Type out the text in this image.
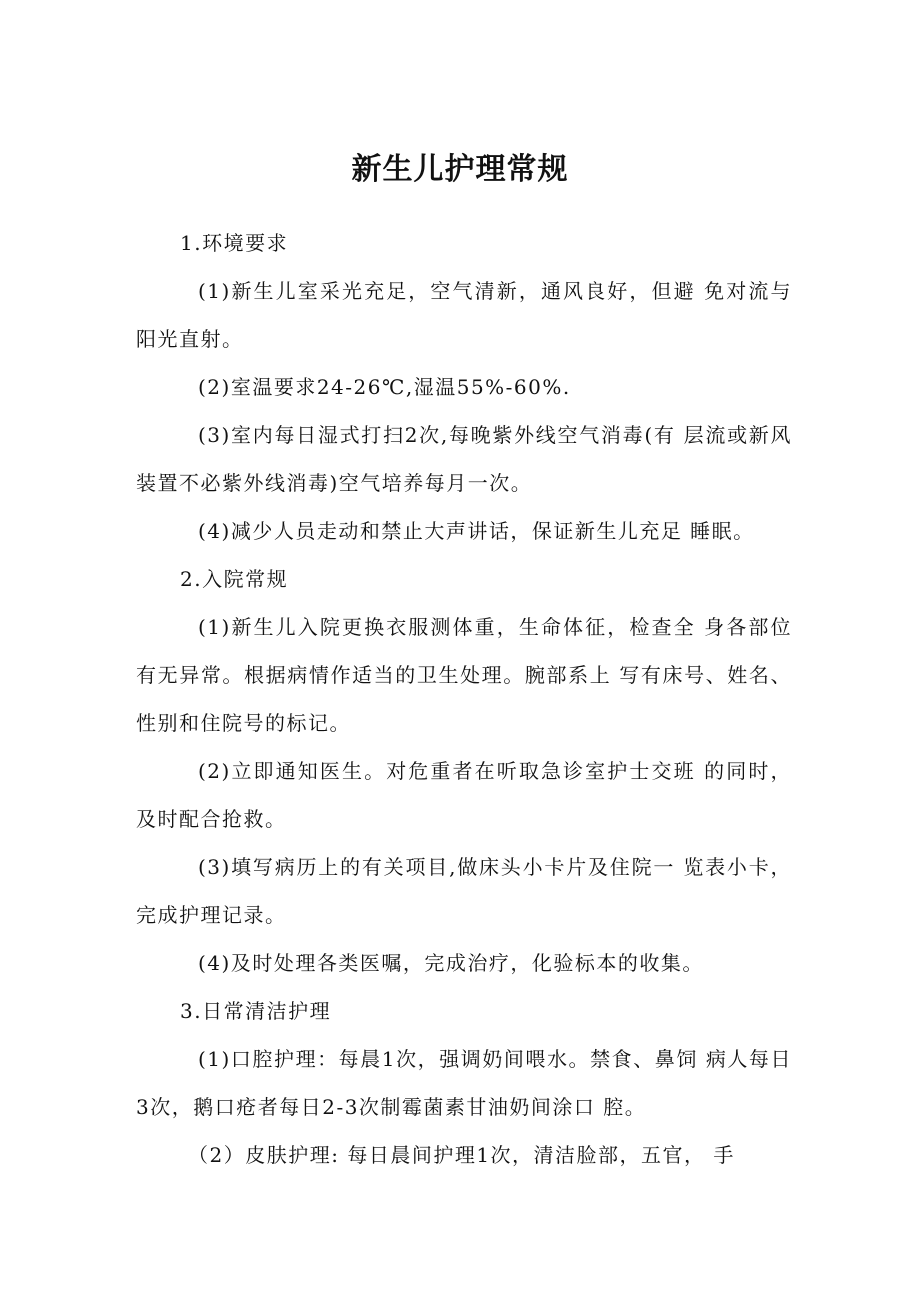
新生儿护理常规

1.环境要求

(1)新生儿室采光充足，空气清新，通风良好，但避 免对流与阳光直射。

(2)室温要求24-26℃,湿温55%-60%.

(3)室内每日湿式打扫2次,每晚紫外线空气消毒(有 层流或新风装置不必紫外线消毒)空气培养每月一次。

(4)减少人员走动和禁止大声讲话，保证新生儿充足 睡眠。

2.入院常规

(1)新生儿入院更换衣服测体重，生命体征，检查全 身各部位有无异常。根据病情作适当的卫生处理。腕部系上 写有床号、姓名、性别和住院号的标记。

(2)立即通知医生。对危重者在听取急诊室护士交班 的同时，及时配合抢救。

(3)填写病历上的有关项目,做床头小卡片及住院一 览表小卡，完成护理记录。

(4)及时处理各类医嘱，完成治疗，化验标本的收集。

3.日常清洁护理

(1)口腔护理：每晨1次，强调奶间喂水。禁食、鼻饲 病人每日3次，鹅口疮者每日2-3次制霉菌素甘油奶间涂口 腔。

（2）皮肤护理: 每日晨间护理1次，清洁脸部，五官， 手
